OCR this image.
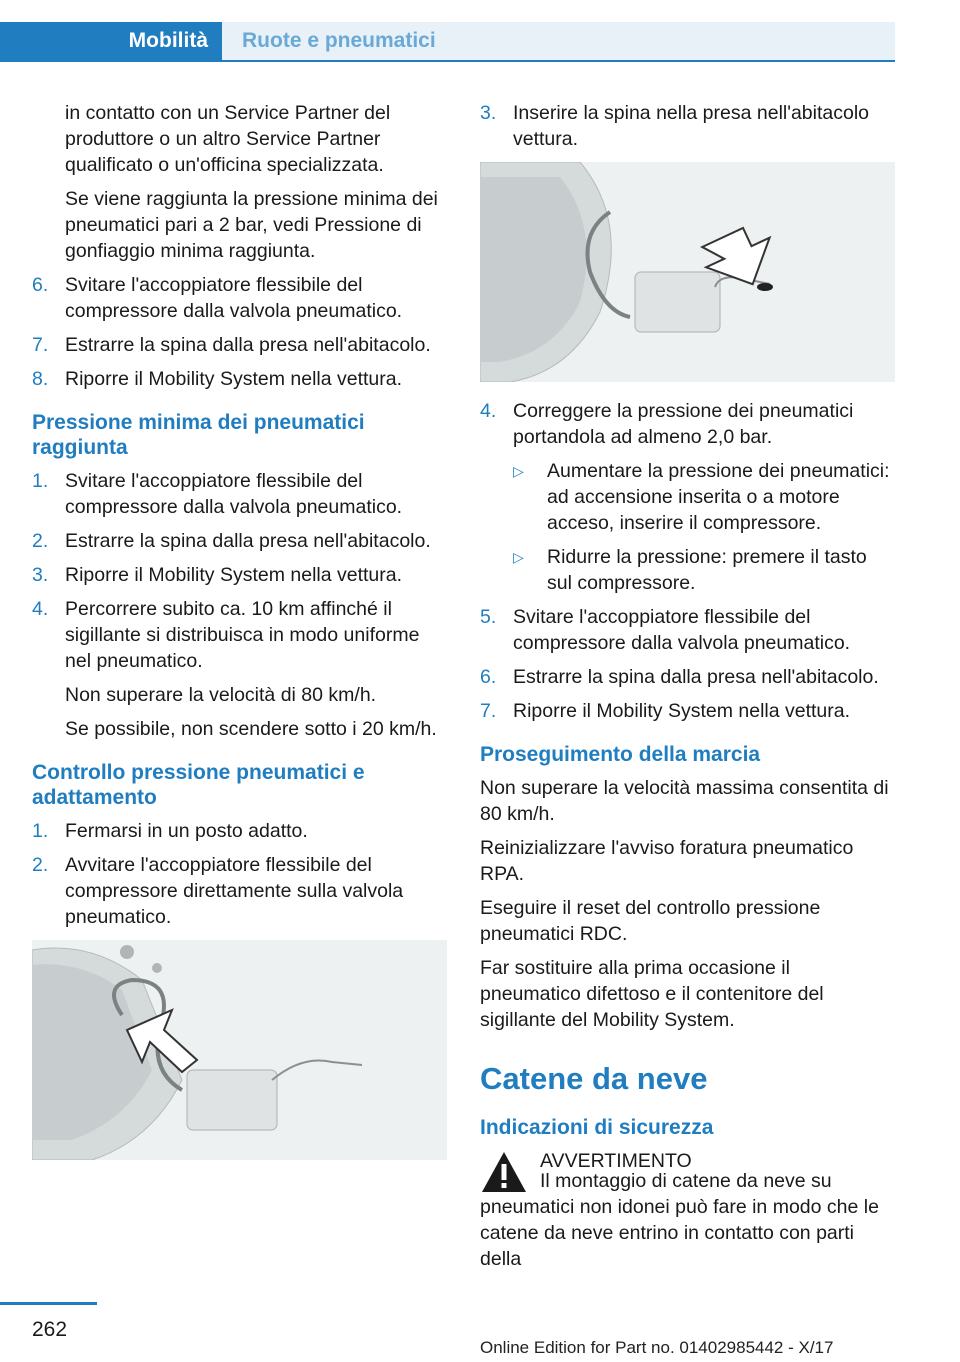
Mobilità Ruote e pneumatici

in contatto con un Service Partner del produttore o un altro Service Partner qualificato o un'officina specializzata.

Se viene raggiunta la pressione minima dei pneumatici pari a 2 bar, vedi Pressione di gonfiaggio minima raggiunta.

6. Svitare l'accoppiatore flessibile del compressore dalla valvola pneumatico.
7. Estrarre la spina dalla presa nell'abitacolo.
8. Riporre il Mobility System nella vettura.
Pressione minima dei pneumatici raggiunta
1. Svitare l'accoppiatore flessibile del compressore dalla valvola pneumatico.
2. Estrarre la spina dalla presa nell'abitacolo.
3. Riporre il Mobility System nella vettura.
4. Percorrere subito ca. 10 km affinché il sigillante si distribuisca in modo uniforme nel pneumatico.

Non superare la velocità di 80 km/h.

Se possibile, non scendere sotto i 20 km/h.

Controllo pressione pneumatici e adattamento
1. Fermarsi in un posto adatto.
2. Avvitare l'accoppiatore flessibile del compressore direttamente sulla valvola pneumatico.
3. Inserire la spina nella presa nell'abitacolo vettura.
4. Correggere la pressione dei pneumatici portandola ad almeno 2,0 bar.
▷	Aumentare la pressione dei pneumatici: ad accensione inserita o a motore acceso, inserire il compressore.
▷	Ridurre la pressione: premere il tasto sul compressore.
5. Svitare l'accoppiatore flessibile del compressore dalla valvola pneumatico.
6. Estrarre la spina dalla presa nell'abitacolo.
7. Riporre il Mobility System nella vettura.
Proseguimento della marcia

Non superare la velocità massima consentita di 80 km/h.

Reinizializzare l'avviso foratura pneumatico RPA.

Eseguire il reset del controllo pressione pneumatici RDC.

Far sostituire alla prima occasione il pneumatico difettoso e il contenitore del sigillante del Mobility System.

Catene da neve
Indicazioni di sicurezza
AVVERTIMENTO
Il montaggio di catene da neve su pneumatici non idonei può fare in modo che le catene da neve entrino in contatto con parti della
262
Online Edition for Part no. 01402985442 - X/17
